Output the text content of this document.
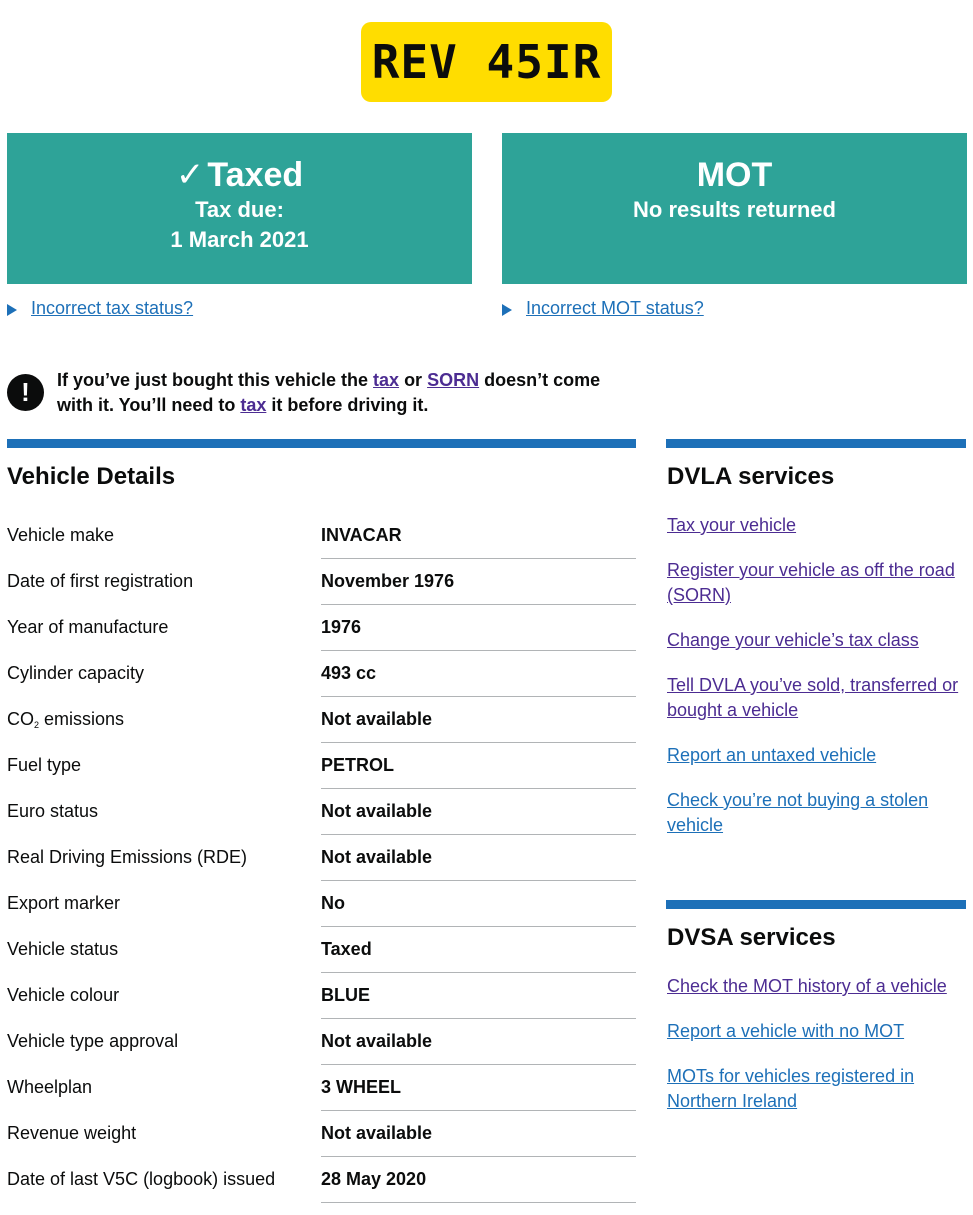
REV 45IR
✓Taxed
Tax due:
1 March 2021
MOT
No results returned
Incorrect tax status?	Incorrect MOT status?
!	If you’ve just bought this vehicle the tax or SORN doesn’t come with it. You’ll need to tax it before driving it.
Vehicle Details
Vehicle make	INVACAR
Date of first registration	November 1976
Year of manufacture	1976
Cylinder capacity	493 cc
$CO_2$ emissions	Not available
Fuel type	PETROL
Euro status	Not available
Real Driving Emissions (RDE)	Not available
Export marker	No
Vehicle status	Taxed
Vehicle colour	BLUE
Vehicle type approval	Not available
Wheelplan	3 WHEEL
Revenue weight	Not available
Date of last V5C (logbook) issued	28 May 2020
DVLA services
Tax your vehicle
Register your vehicle as off the road (SORN)
Change your vehicle’s tax class
Tell DVLA you’ve sold, transferred or bought a vehicle
Report an untaxed vehicle
Check you’re not buying a stolen vehicle
DVSA services
Check the MOT history of a vehicle
Report a vehicle with no MOT
MOTs for vehicles registered in Northern Ireland
